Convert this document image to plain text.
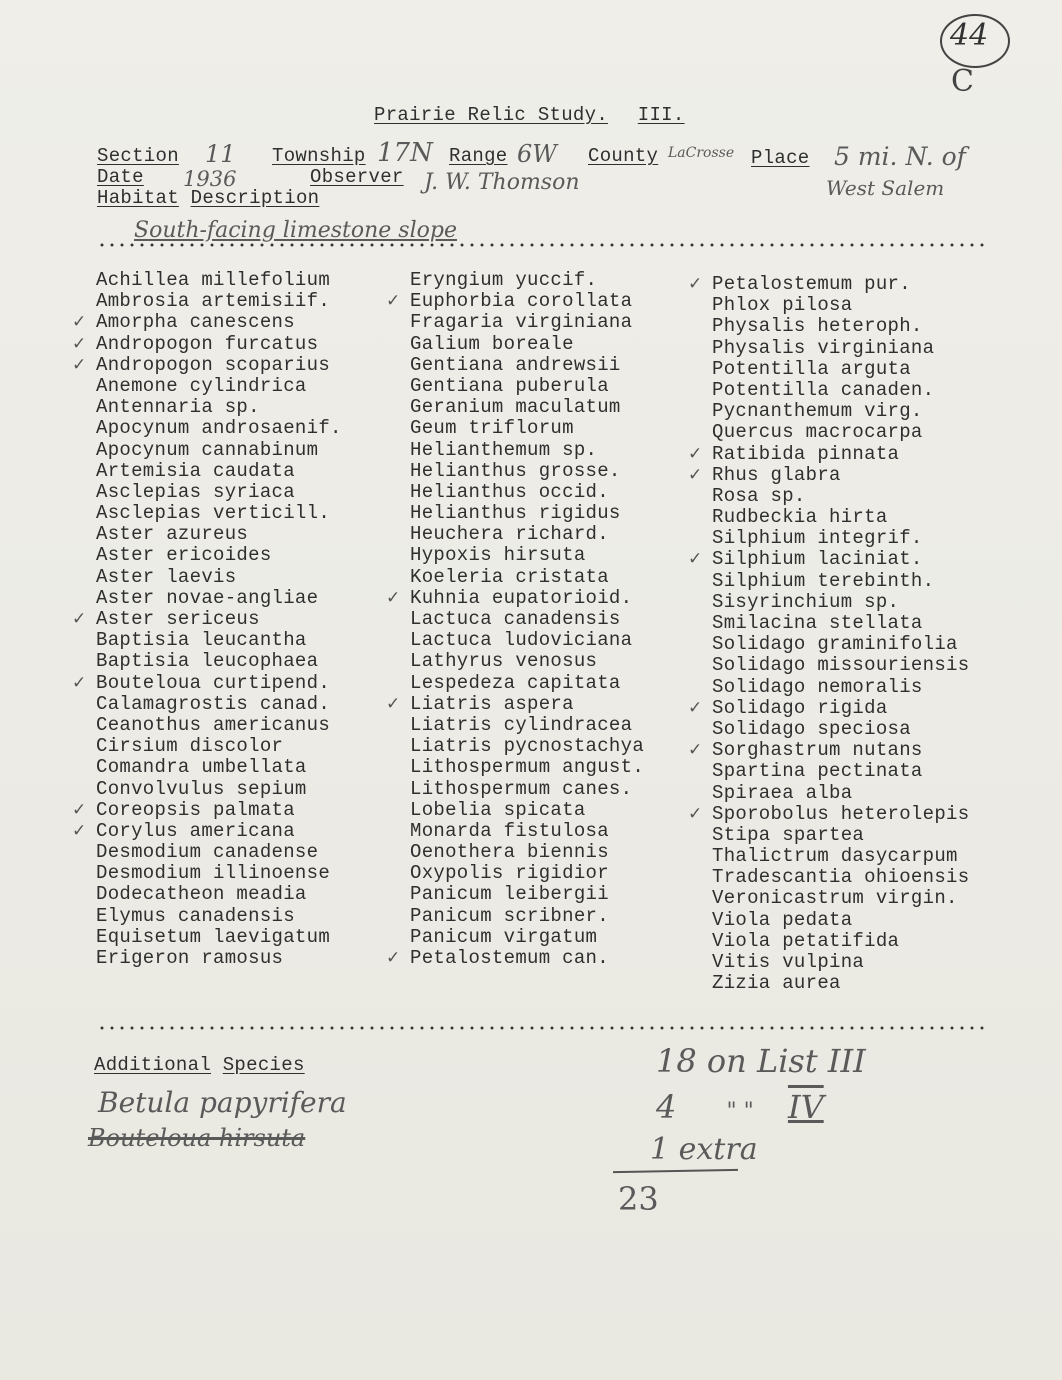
44
C
Prairie Relic Study. III.
Section 11 Township 17N Range 6W County LaCrosse Place 5 mi. N. of
West Salem
Date 1936	Observer J. W. Thomson
Habitat Description
South-facing limestone slope
Achillea millefolium
Ambrosia artemisiif.
✓ Amorpha canescens
✓ Andropogon furcatus
✓ Andropogon scoparius
Anemone cylindrica
Antennaria sp.
Apocynum androsaenif.
Apocynum cannabinum
Artemisia caudata
Asclepias syriaca
Asclepias verticill.
Aster azureus
Aster ericoides
Aster laevis
Aster novae-angliae
✓ Aster sericeus
Baptisia leucantha
Baptisia leucophaea
✓ Bouteloua curtipend.
Calamagrostis canad.
Ceanothus americanus
Cirsium discolor
Comandra umbellata
Convolvulus sepium
✓ Coreopsis palmata
✓ Corylus americana
Desmodium canadense
Desmodium illinoense
Dodecatheon meadia
Elymus canadensis
Equisetum laevigatum
Erigeron ramosus
Eryngium yuccif.
✓ Euphorbia corollata
Fragaria virginiana
Galium boreale
Gentiana andrewsii
Gentiana puberula
Geranium maculatum
Geum triflorum
Helianthemum sp.
Helianthus grosse.
Helianthus occid.
Helianthus rigidus
Heuchera richard.
Hypoxis hirsuta
Koeleria cristata
✓ Kuhnia eupatorioid.
Lactuca canadensis
Lactuca ludoviciana
Lathyrus venosus
Lespedeza capitata
✓ Liatris aspera
Liatris cylindracea
Liatris pycnostachya
Lithospermum angust.
Lithospermum canes.
Lobelia spicata
Monarda fistulosa
Oenothera biennis
Oxypolis rigidior
Panicum leibergii
Panicum scribner.
Panicum virgatum
✓ Petalostemum can.
✓ Petalostemum pur.
Phlox pilosa
Physalis heteroph.
Physalis virginiana
Potentilla arguta
Potentilla canaden.
Pycnanthemum virg.
Quercus macrocarpa
✓ Ratibida pinnata
✓ Rhus glabra
Rosa sp.
Rudbeckia hirta
Silphium integrif.
✓ Silphium laciniat.
Silphium terebinth.
Sisyrinchium sp.
Smilacina stellata
Solidago graminifolia
Solidago missouriensis
Solidago nemoralis
✓ Solidago rigida
Solidago speciosa
✓ Sorghastrum nutans
Spartina pectinata
Spiraea alba
✓ Sporobolus heterolepis
Stipa spartea
Thalictrum dasycarpum
Tradescantia ohioensis
Veronicastrum virgin.
Viola pedata
Viola petatifida
Vitis vulpina
Zizia aurea
Additional Species
Betula papyrifera
Bouteloua hirsuta
18 on List III
4 " " IV
1 extra
23
